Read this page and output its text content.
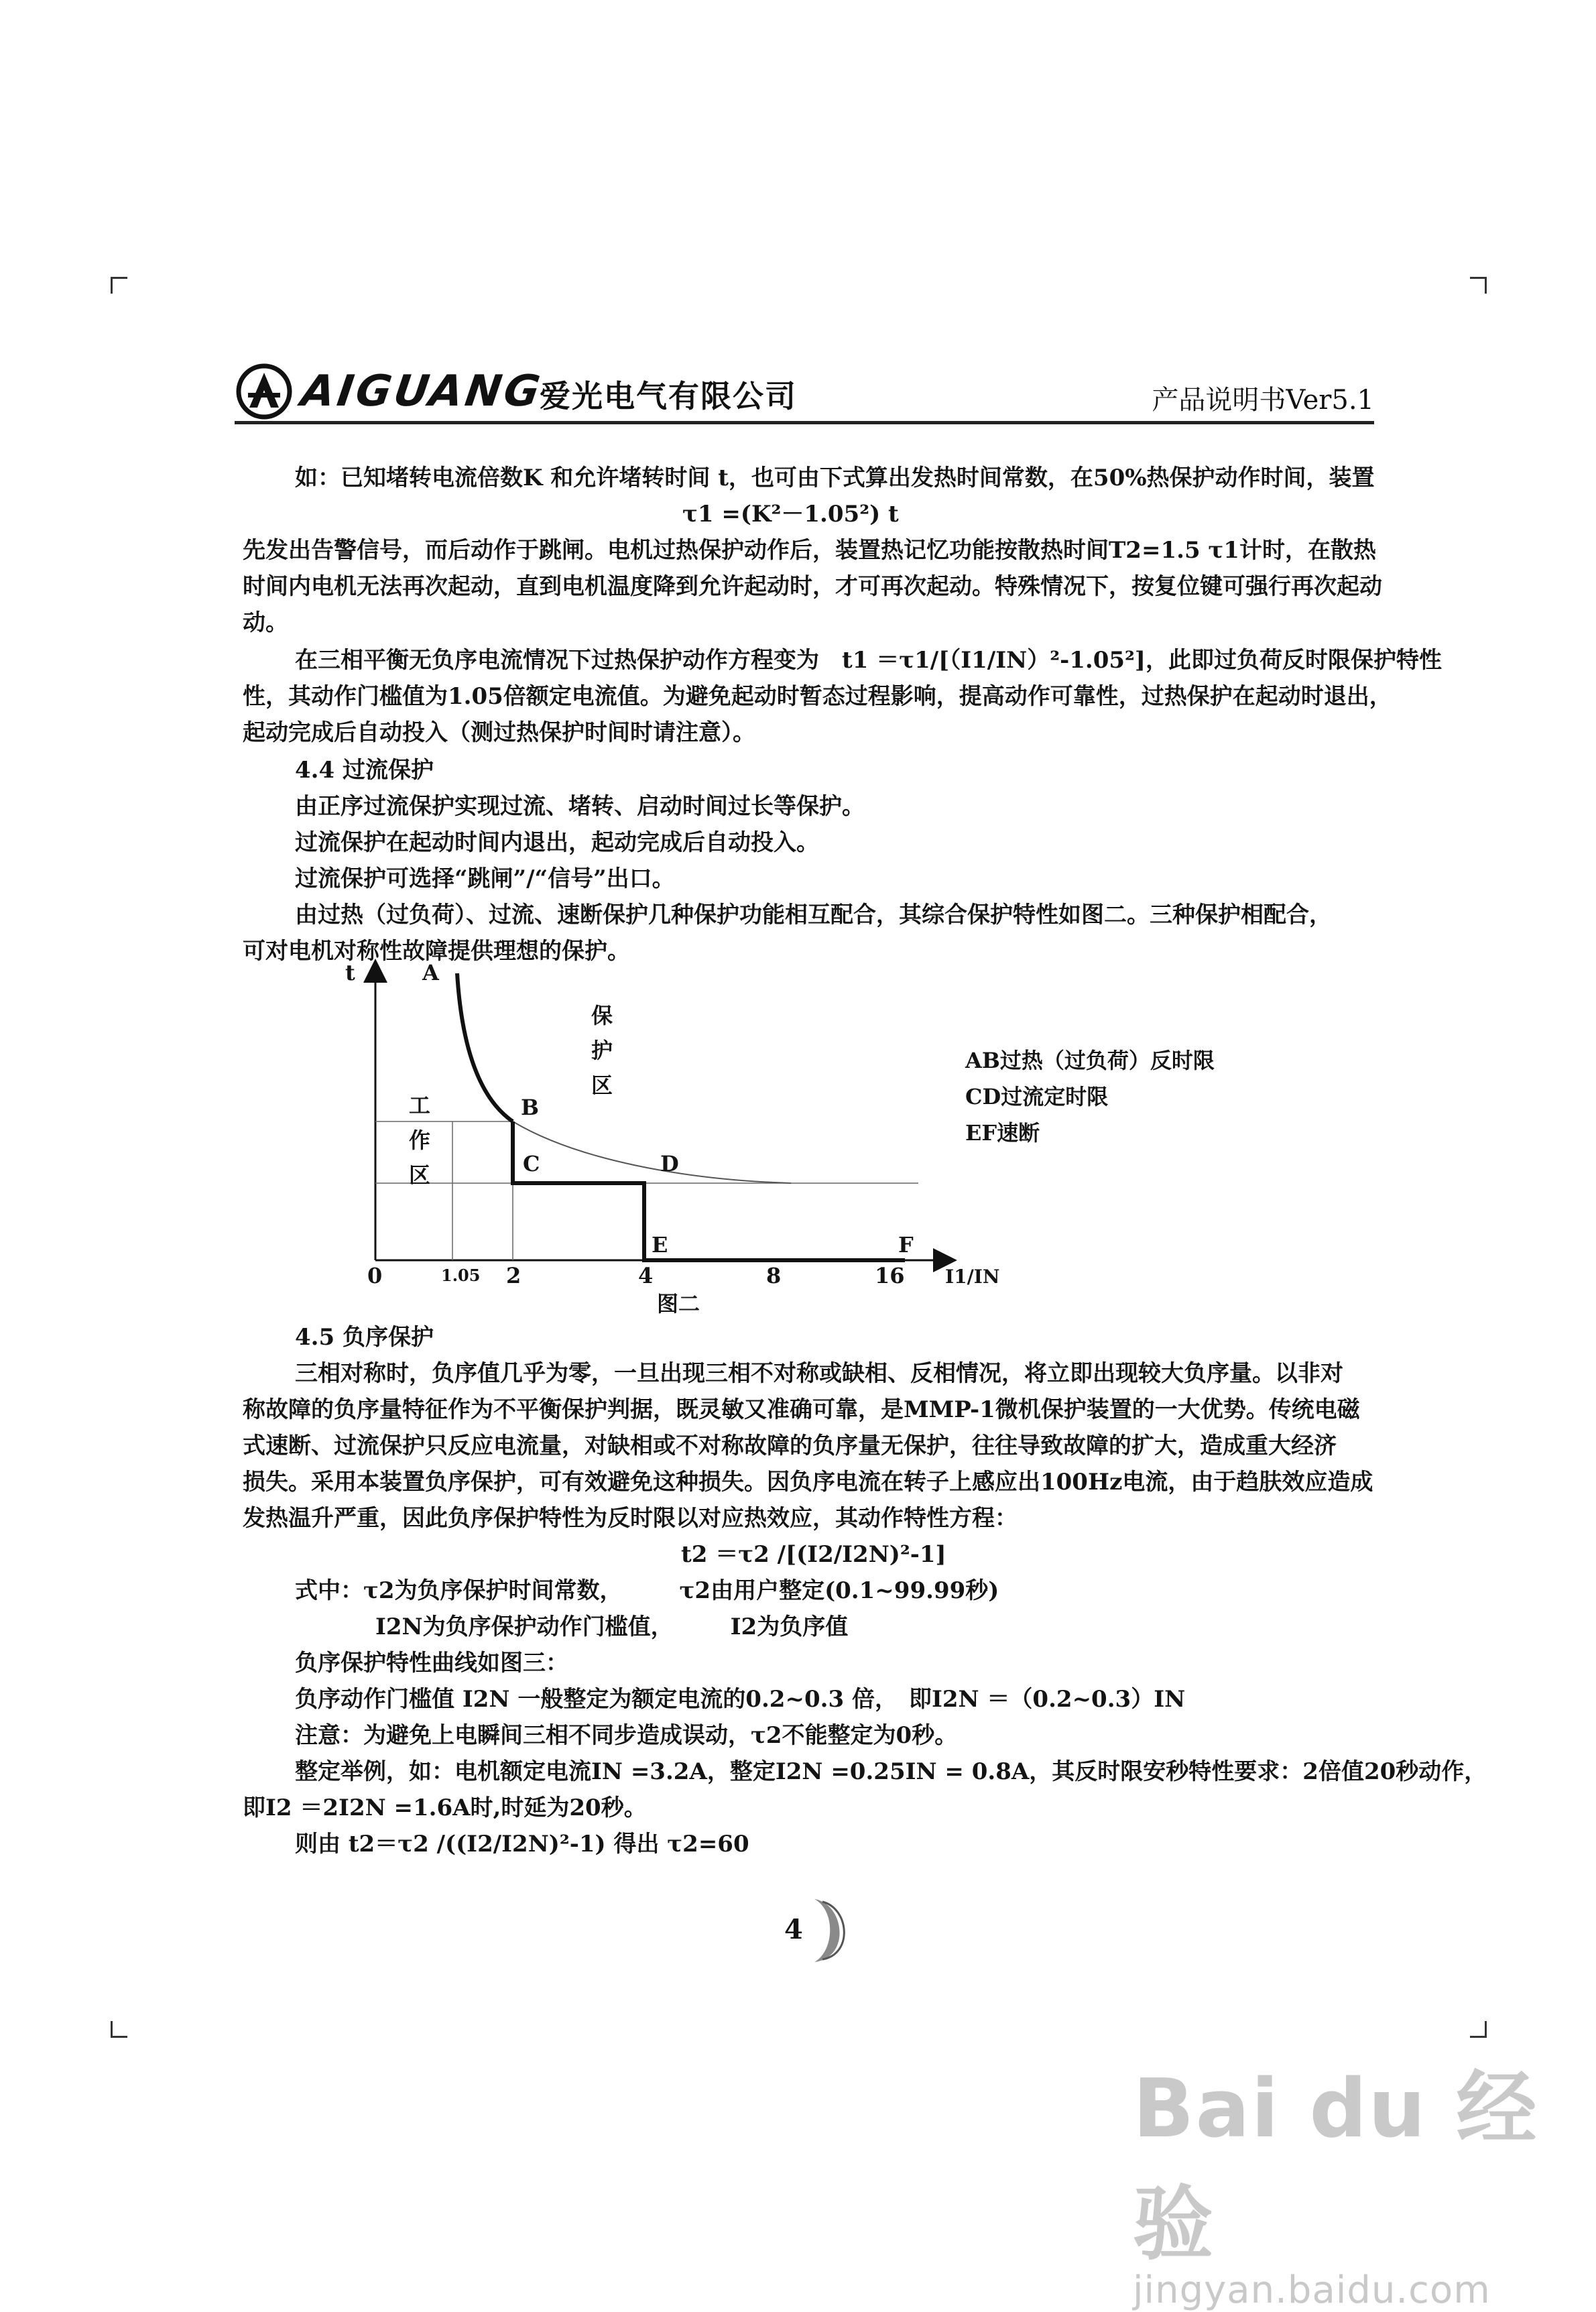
AIGUANG
爱光电气有限公司	产品说明书Ver5.1
如：已知堵转电流倍数K 和允许堵转时间 t，也可由下式算出发热时间常数，在50%热保护动作时间，装置
τ1 =(K²－1.05²) t
先发出告警信号，而后动作于跳闸。电机过热保护动作后，装置热记忆功能按散热时间T2=1.5 τ1计时，在散热
时间内电机无法再次起动，直到电机温度降到允许起动时，才可再次起动。特殊情况下，按复位键可强行再次起动
动。
在三相平衡无负序电流情况下过热保护动作方程变为　t1 ＝τ1/[（I1/IN）²-1.05²]，此即过负荷反时限保护特性
性，其动作门槛值为1.05倍额定电流值。为避免起动时暂态过程影响，提高动作可靠性，过热保护在起动时退出，
起动完成后自动投入（测过热保护时间时请注意）。
4.4 过流保护
由正序过流保护实现过流、堵转、启动时间过长等保护。
过流保护在起动时间内退出，起动完成后自动投入。
过流保护可选择“跳闸”/“信号”出口。
由过热（过负荷）、过流、速断保护几种保护功能相互配合，其综合保护特性如图二。三种保护相配合，
可对电机对称性故障提供理想的保护。
t	A
B
C	D
E	F
保
护
区
工
作
区
0	1.05 2	4	8	16 I1/IN
AB过热（过负荷）反时限
CD过流定时限
EF速断
图二
4.5 负序保护
三相对称时，负序值几乎为零，一旦出现三相不对称或缺相、反相情况，将立即出现较大负序量。以非对
称故障的负序量特征作为不平衡保护判据，既灵敏又准确可靠，是MMP-1微机保护装置的一大优势。传统电磁
式速断、过流保护只反应电流量，对缺相或不对称故障的负序量无保护，往往导致故障的扩大，造成重大经济
损失。采用本装置负序保护，可有效避免这种损失。因负序电流在转子上感应出100Hz电流，由于趋肤效应造成
发热温升严重，因此负序保护特性为反时限以对应热效应，其动作特性方程：
t2 ＝τ2 /[(I2/I2N)²-1]
式中：τ2为负序保护时间常数，　　　τ2由用户整定(0.1~99.99秒)
I2N为负序保护动作门槛值，　　　I2为负序值
负序保护特性曲线如图三：
负序动作门槛值 I2N 一般整定为额定电流的0.2~0.3 倍，　即I2N ＝（0.2~0.3）IN
注意：为避免上电瞬间三相不同步造成误动，τ2不能整定为0秒。
整定举例，如：电机额定电流IN =3.2A，整定I2N =0.25IN = 0.8A，其反时限安秒特性要求：2倍值20秒动作，
即I2 ＝2I2N =1.6A时,时延为20秒。
则由 t2＝τ2 /((I2/I2N)²-1) 得出 τ2=60
4
Bai du 经验
jingyan.baidu.com
